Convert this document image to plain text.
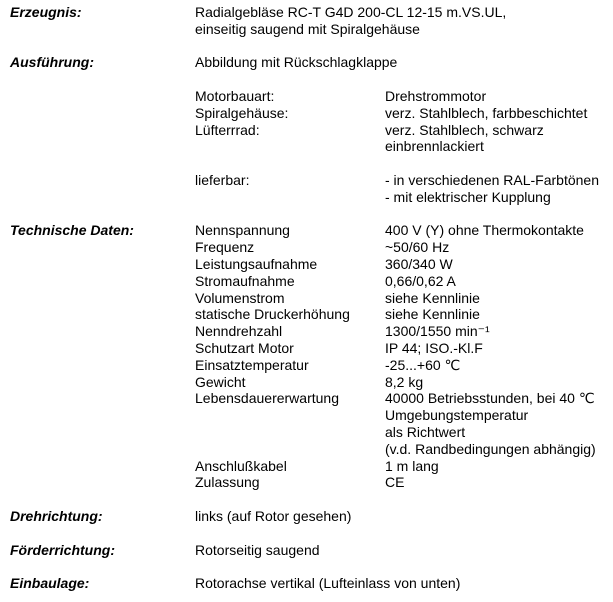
Erzeugnis:	Radialgebläse RC-T G4D 200-CL 12-15 m.VS.UL,
einseitig saugend mit Spiralgehäuse
Ausführung:	Abbildung mit Rückschlagklappe
Motorbauart:	Drehstrommotor
Spiralgehäuse:	verz. Stahlblech, farbbeschichtet
Lüfterrrad:	verz. Stahlblech, schwarz
einbrennlackiert
lieferbar:	- in verschiedenen RAL-Farbtönen
- mit elektrischer Kupplung
Technische Daten:	Nennspannung	400 V (Y) ohne Thermokontakte
Frequenz	~50/60 Hz
Leistungsaufnahme	360/340 W
Stromaufnahme	0,66/0,62 A
Volumenstrom	siehe Kennlinie
statische Druckerhöhung	siehe Kennlinie
Nenndrehzahl	1300/1550 min⁻¹
Schutzart Motor	IP 44; ISO.-Kl.F
Einsatztemperatur	-25...+60 ℃
Gewicht	8,2 kg
Lebensdauererwartung	40000 Betriebsstunden, bei 40 ℃
Umgebungstemperatur
als Richtwert
(v.d. Randbedingungen abhängig)
Anschlußkabel	1 m lang
Zulassung	CE
Drehrichtung:	links (auf Rotor gesehen)
Förderrichtung:	Rotorseitig saugend
Einbaulage:	Rotorachse vertikal (Lufteinlass von unten)
